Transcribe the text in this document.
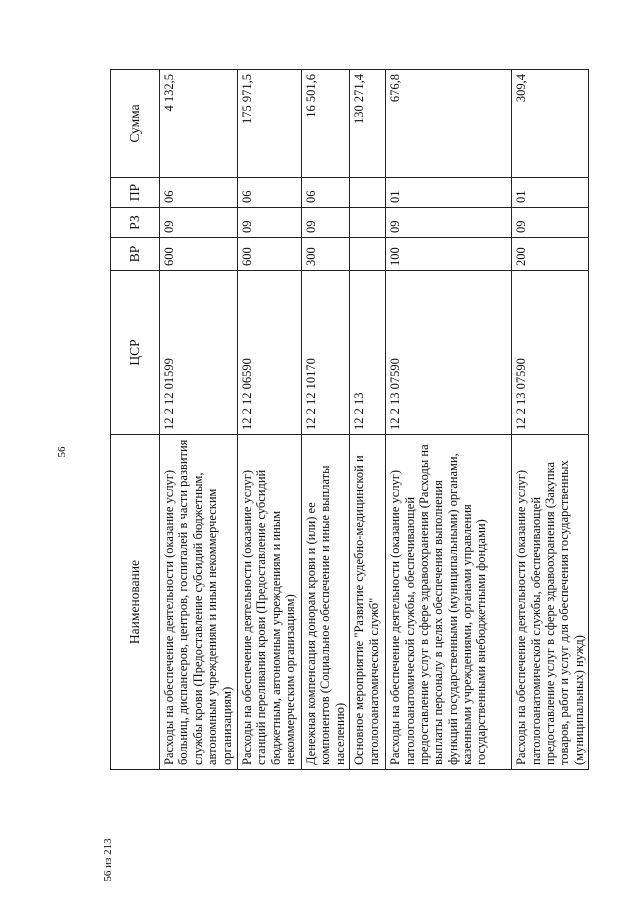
56
Наименование	ЦСР	ВР	РЗ	ПР	Сумма
Расходы на обеспечение деятельности (оказание услуг) больниц, диспансеров, центров, госпиталей в части развития службы крови (Предоставление субсидий бюджетным, автономным учреждениям и иным некоммерческим организациям)	12 2 12 01599	600	09	06	4 132,5
Расходы на обеспечение деятельности (оказание услуг) станций переливания крови (Предоставление субсидий бюджетным, автономным учреждениям и иным некоммерческим организациям)	12 2 12 06590	600	09	06	175 971,5
Денежная компенсация донорам крови и (или) ее компонентов (Социальное обеспечение и иные выплаты населению)	12 2 12 10170	300	09	06	16 501,6
Основное мероприятие "Развитие судебно-медицинской и патологоанатомической служб"	12 2 13				130 271,4
Расходы на обеспечение деятельности (оказание услуг) патологоанатомической службы, обеспечивающей предоставление услуг в сфере здравоохранения (Расходы на выплаты персоналу в целях обеспечения выполнения функций государственными (муниципальными) органами, казенными учреждениями, органами управления государственными внебюджетными фондами)	12 2 13 07590	100	09	01	676,8
Расходы на обеспечение деятельности (оказание услуг) патологоанатомической службы, обеспечивающей предоставление услуг в сфере здравоохранения (Закупка товаров, работ и услуг для обеспечения государственных (муниципальных) нужд)	12 2 13 07590	200	09	01	309,4
56 из 213
